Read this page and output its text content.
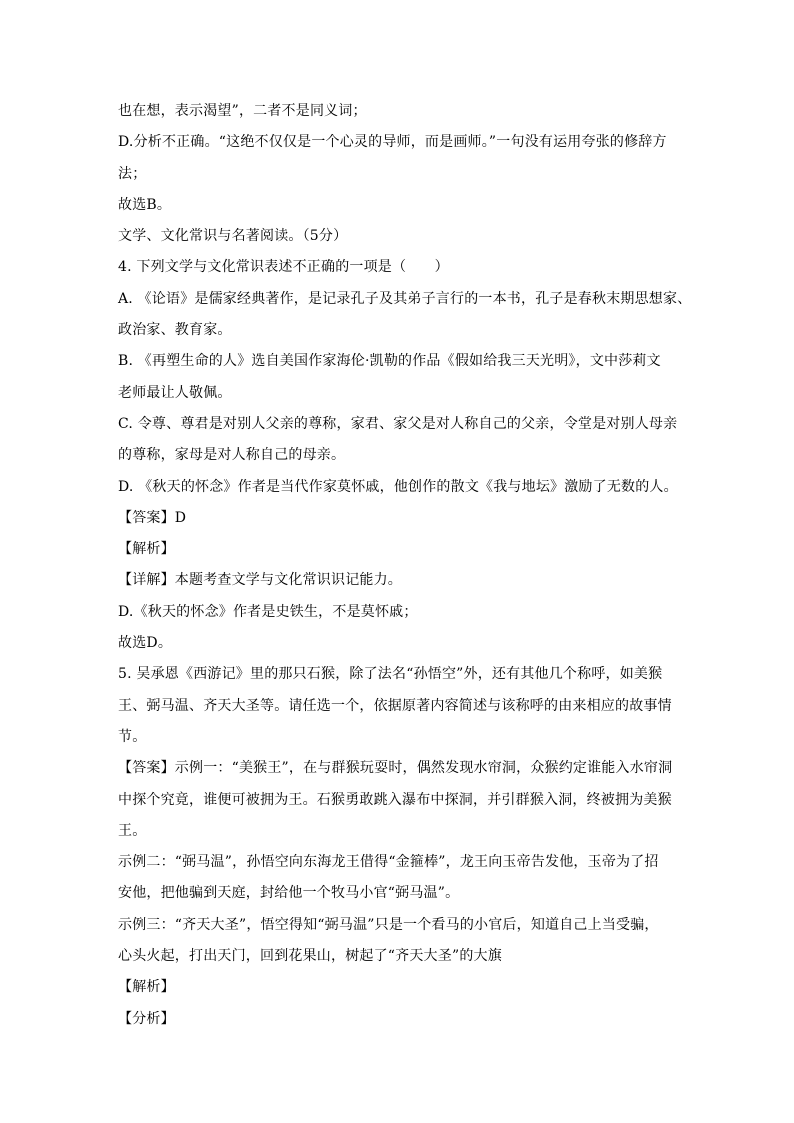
也在想，表示渴望”，二者不是同义词；
D.分析不正确。“这绝不仅仅是一个心灵的导师，而是画师。”一句没有运用夸张的修辞方
法；
故选B。
文学、文化常识与名著阅读。（5分）
4. 下列文学与文化常识表述不正确的一项是（　　）
A. 《论语》是儒家经典著作，是记录孔子及其弟子言行的一本书，孔子是春秋末期思想家、
政治家、教育家。
B. 《再塑生命的人》选自美国作家海伦·凯勒的作品《假如给我三天光明》，文中莎莉文
老师最让人敬佩。
C. 令尊、尊君是对别人父亲的尊称，家君、家父是对人称自己的父亲，令堂是对别人母亲
的尊称，家母是对人称自己的母亲。
D. 《秋天的怀念》作者是当代作家莫怀戚，他创作的散文《我与地坛》激励了无数的人。
【答案】D
【解析】
【详解】本题考查文学与文化常识识记能力。
D.《秋天的怀念》作者是史铁生，不是莫怀戚；
故选D。
5. 吴承恩《西游记》里的那只石猴，除了法名“孙悟空”外，还有其他几个称呼，如美猴
王、弼马温、齐天大圣等。请任选一个，依据原著内容简述与该称呼的由来相应的故事情
节。
【答案】示例一：“美猴王”，在与群猴玩耍时，偶然发现水帘洞，众猴约定谁能入水帘洞
中探个究竟，谁便可被拥为王。石猴勇敢跳入瀑布中探洞，并引群猴入洞，终被拥为美猴
王。
示例二：“弼马温”，孙悟空向东海龙王借得“金箍棒”，龙王向玉帝告发他，玉帝为了招
安他，把他骗到天庭，封给他一个牧马小官“弼马温”。
示例三：“齐天大圣”，悟空得知“弼马温”只是一个看马的小官后，知道自己上当受骗，
心头火起，打出天门，回到花果山，树起了“齐天大圣”的大旗
【解析】
【分析】
